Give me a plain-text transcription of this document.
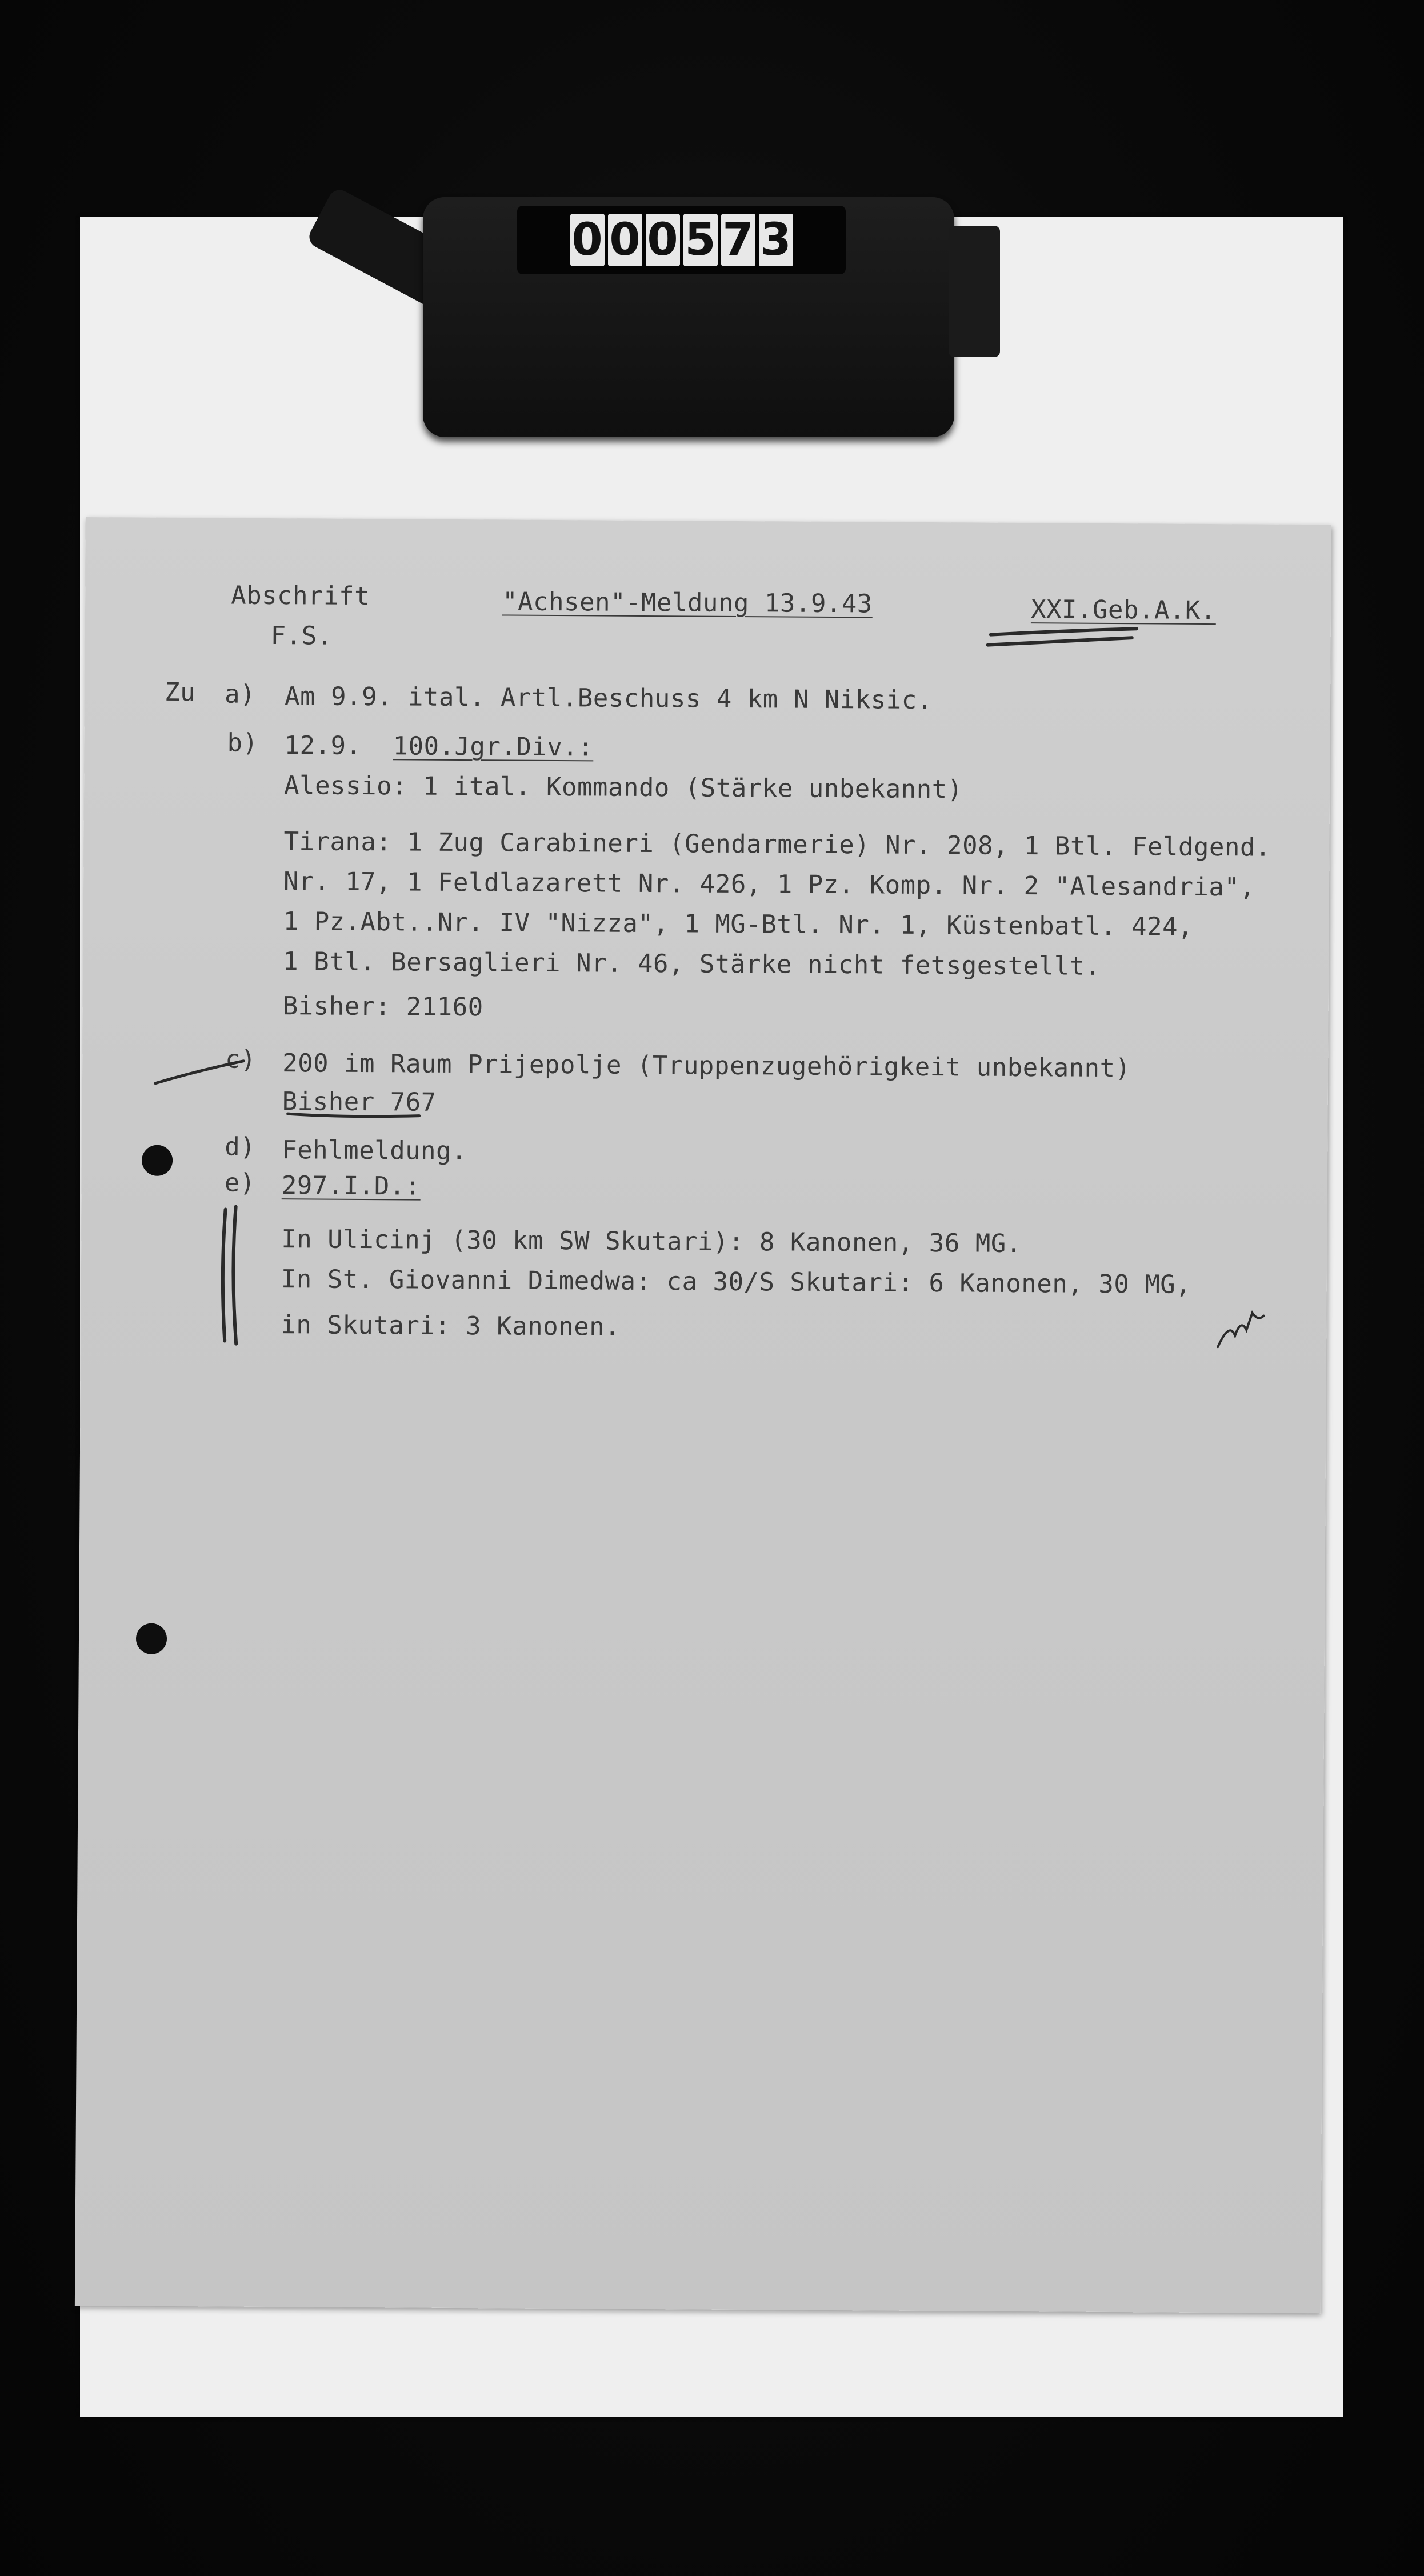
0 0 0 5 7 3
Abschrift
F.S.
"Achsen"-Meldung 13.9.43	XXI.Geb.A.K.
Zu a) Am 9.9. ital. Artl.Beschuss 4 km N Niksic.
b) 12.9. 100.Jgr.Div.:
Alessio: 1 ital. Kommando (Stärke unbekannt)
Tirana: 1 Zug Carabineri (Gendarmerie) Nr. 208, 1 Btl. Feldgend.
Nr. 17, 1 Feldlazarett Nr. 426, 1 Pz. Komp. Nr. 2 "Alesandria",
1 Pz.Abt..Nr. IV "Nizza", 1 MG-Btl. Nr. 1, Küstenbatl. 424,
1 Btl. Bersaglieri Nr. 46, Stärke nicht fetsgestellt.
Bisher: 21160
c) 200 im Raum Prijepolje (Truppenzugehörigkeit unbekannt)
Bisher 767
d) Fehlmeldung.
e) 297.I.D.:
In Ulicinj (30 km SW Skutari): 8 Kanonen, 36 MG.
In St. Giovanni Dimedwa: ca 30/S Skutari: 6 Kanonen, 30 MG,
in Skutari: 3 Kanonen.
